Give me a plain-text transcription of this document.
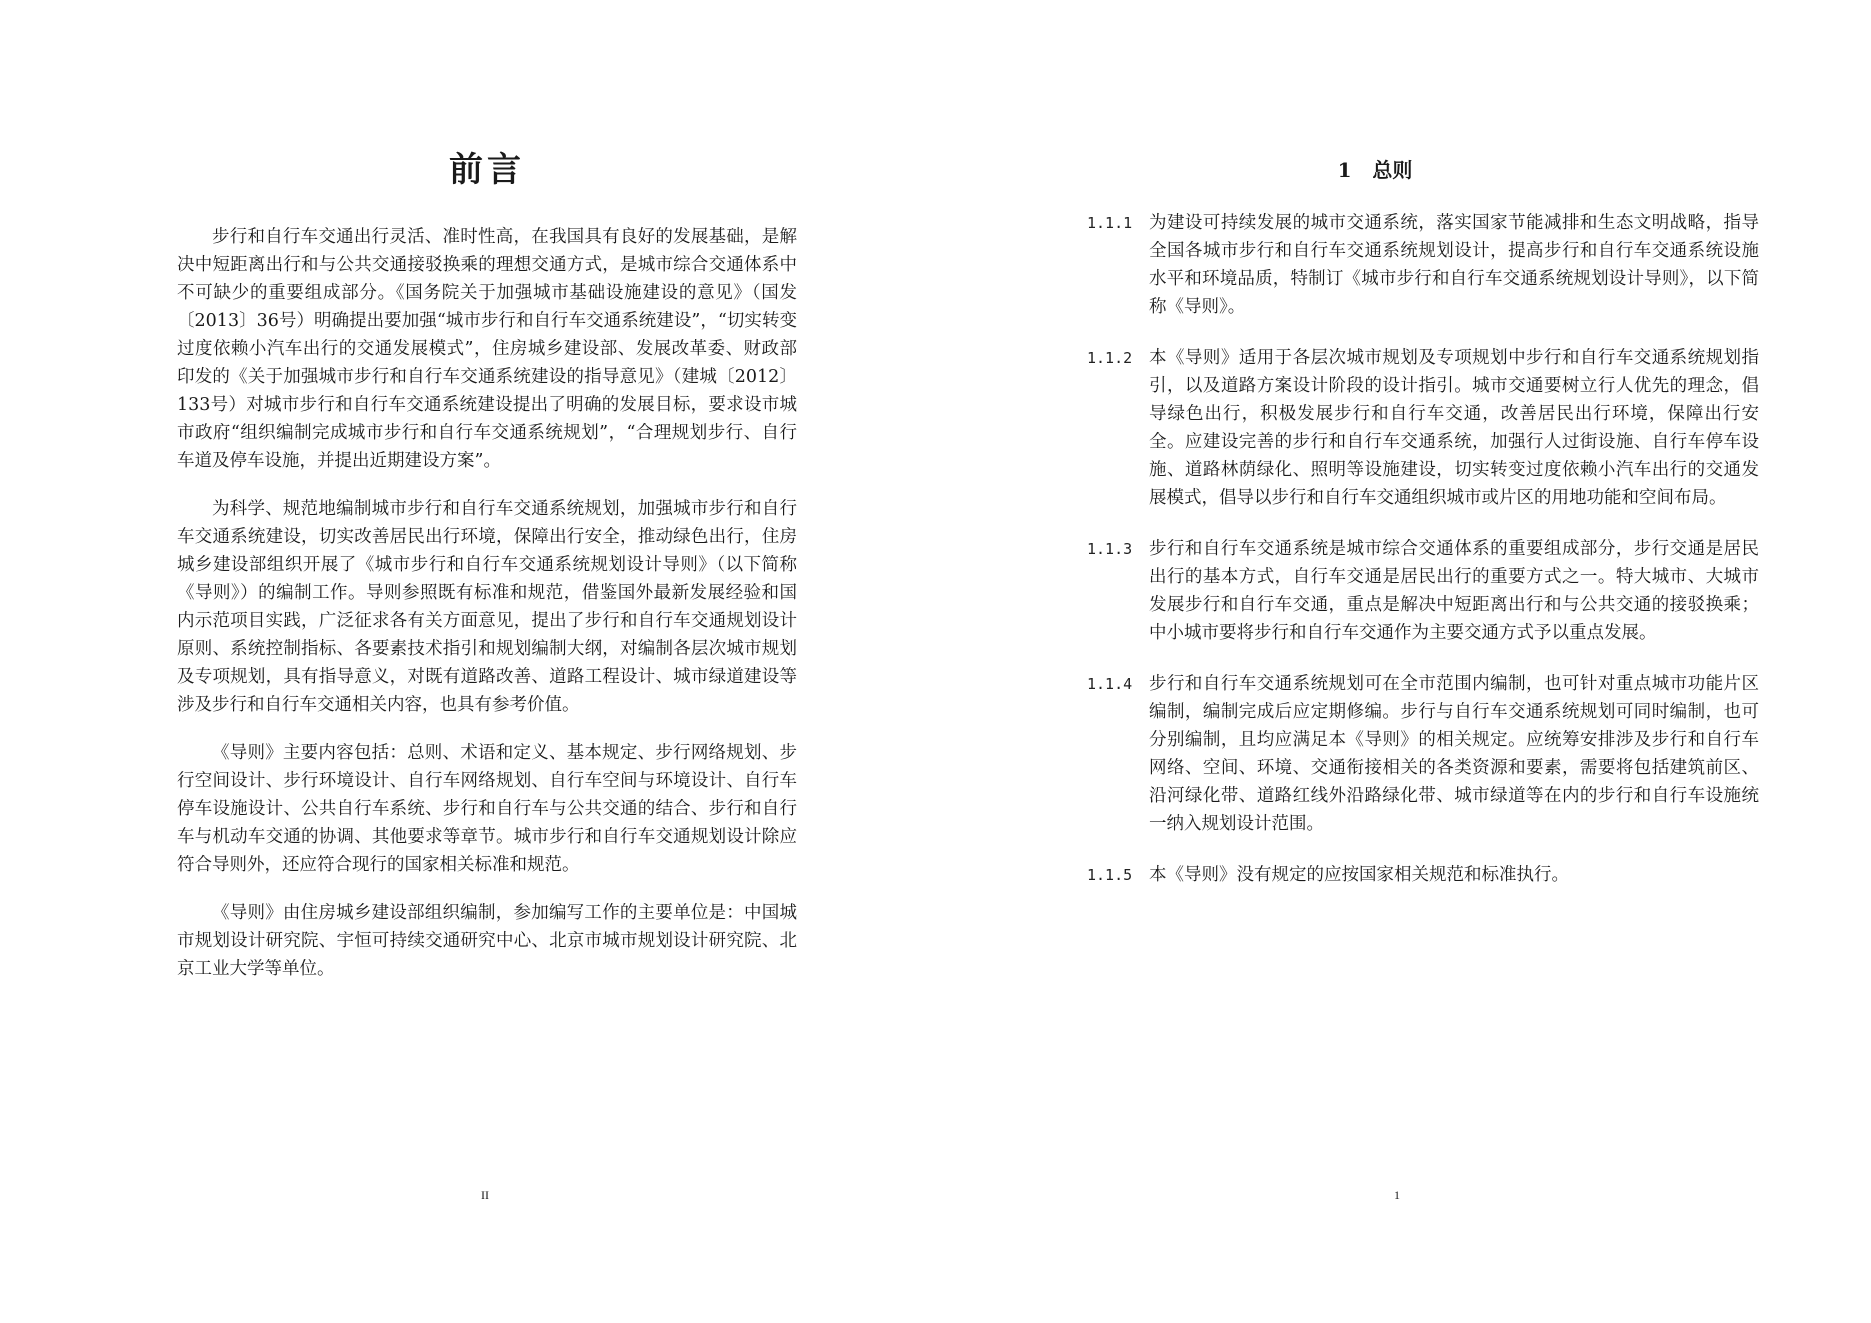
前言

步行和自行车交通出行灵活、准时性高，在我国具有良好的发展基础，是解决中短距离出行和与公共交通接驳换乘的理想交通方式，是城市综合交通体系中不可缺少的重要组成部分。《国务院关于加强城市基础设施建设的意见》（国发〔2013〕36号）明确提出要加强“城市步行和自行车交通系统建设”，“切实转变过度依赖小汽车出行的交通发展模式”，住房城乡建设部、发展改革委、财政部印发的《关于加强城市步行和自行车交通系统建设的指导意见》（建城〔2012〕133号）对城市步行和自行车交通系统建设提出了明确的发展目标，要求设市城市政府“组织编制完成城市步行和自行车交通系统规划”，“合理规划步行、自行车道及停车设施，并提出近期建设方案”。

为科学、规范地编制城市步行和自行车交通系统规划，加强城市步行和自行车交通系统建设，切实改善居民出行环境，保障出行安全，推动绿色出行，住房城乡建设部组织开展了《城市步行和自行车交通系统规划设计导则》（以下简称《导则》）的编制工作。导则参照既有标准和规范，借鉴国外最新发展经验和国内示范项目实践，广泛征求各有关方面意见，提出了步行和自行车交通规划设计原则、系统控制指标、各要素技术指引和规划编制大纲，对编制各层次城市规划及专项规划，具有指导意义，对既有道路改善、道路工程设计、城市绿道建设等涉及步行和自行车交通相关内容，也具有参考价值。

《导则》主要内容包括：总则、术语和定义、基本规定、步行网络规划、步行空间设计、步行环境设计、自行车网络规划、自行车空间与环境设计、自行车停车设施设计、公共自行车系统、步行和自行车与公共交通的结合、步行和自行车与机动车交通的协调、其他要求等章节。城市步行和自行车交通规划设计除应符合导则外，还应符合现行的国家相关标准和规范。

《导则》由住房城乡建设部组织编制，参加编写工作的主要单位是：中国城市规划设计研究院、宇恒可持续交通研究中心、北京市城市规划设计研究院、北京工业大学等单位。

II
1   总则
1.1.1 为建设可持续发展的城市交通系统，落实国家节能减排和生态文明战略，指导全国各城市步行和自行车交通系统规划设计，提高步行和自行车交通系统设施水平和环境品质，特制订《城市步行和自行车交通系统规划设计导则》，以下简称《导则》。
1.1.2 本《导则》适用于各层次城市规划及专项规划中步行和自行车交通系统规划指引，以及道路方案设计阶段的设计指引。城市交通要树立行人优先的理念，倡导绿色出行，积极发展步行和自行车交通，改善居民出行环境，保障出行安全。应建设完善的步行和自行车交通系统，加强行人过街设施、自行车停车设施、道路林荫绿化、照明等设施建设，切实转变过度依赖小汽车出行的交通发展模式，倡导以步行和自行车交通组织城市或片区的用地功能和空间布局。
1.1.3 步行和自行车交通系统是城市综合交通体系的重要组成部分，步行交通是居民出行的基本方式，自行车交通是居民出行的重要方式之一。特大城市、大城市发展步行和自行车交通，重点是解决中短距离出行和与公共交通的接驳换乘；中小城市要将步行和自行车交通作为主要交通方式予以重点发展。
1.1.4 步行和自行车交通系统规划可在全市范围内编制，也可针对重点城市功能片区编制，编制完成后应定期修编。步行与自行车交通系统规划可同时编制，也可分别编制，且均应满足本《导则》的相关规定。应统筹安排涉及步行和自行车网络、空间、环境、交通衔接相关的各类资源和要素，需要将包括建筑前区、沿河绿化带、道路红线外沿路绿化带、城市绿道等在内的步行和自行车设施统一纳入规划设计范围。
1.1.5 本《导则》没有规定的应按国家相关规范和标准执行。
1
